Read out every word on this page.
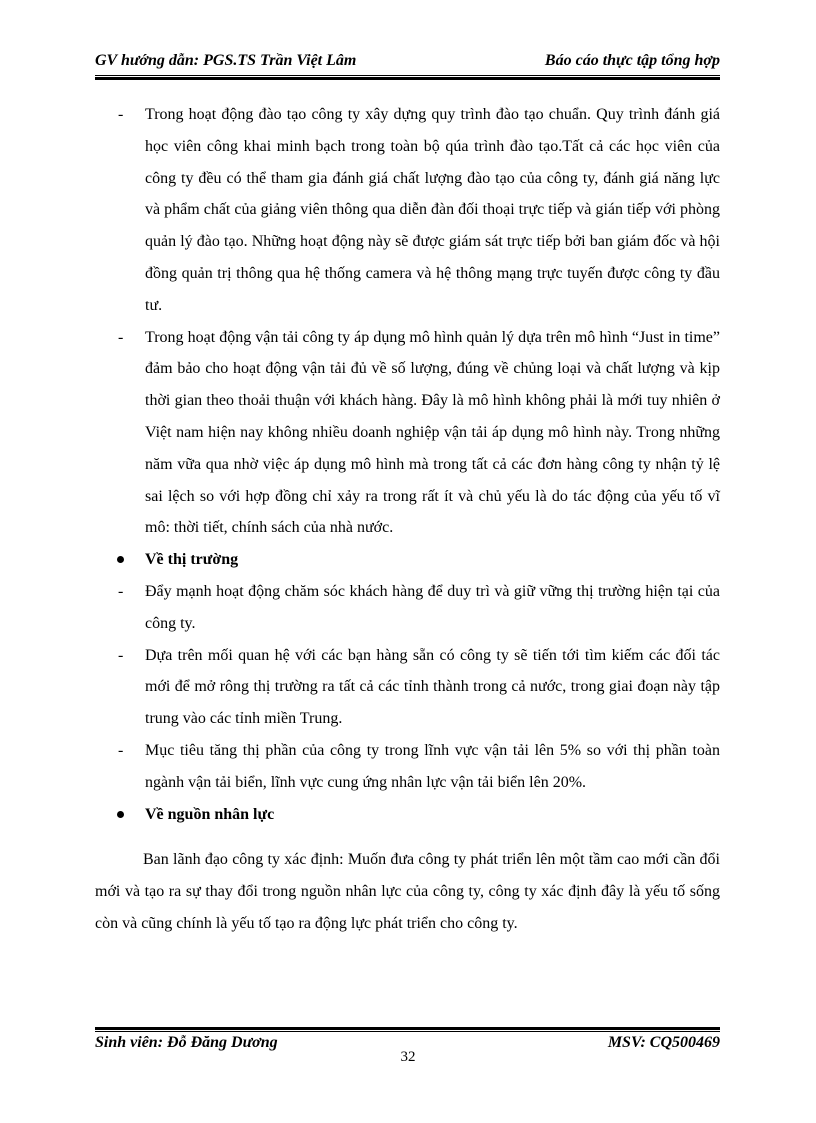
GV hướng dẫn: PGS.TS Trần Việt Lâm	Báo cáo thực tập tổng hợp
- Trong hoạt động đào tạo công ty xây dựng quy trình đào tạo chuẩn. Quy trình đánh giá học viên công khai minh bạch trong toàn bộ qúa trình đào tạo.Tất cả các học viên của công ty đều có thể tham gia đánh giá chất lượng đào tạo của công ty, đánh giá năng lực và phẩm chất của giảng viên thông qua diễn đàn đối thoại trực tiếp và gián tiếp với phòng quản lý đào tạo. Những hoạt động này sẽ được giám sát trực tiếp bởi ban giám đốc và hội đồng quản trị thông qua hệ thống camera và hệ thông mạng trực tuyến được công ty đầu tư.
- Trong hoạt động vận tải công ty áp dụng mô hình quản lý dựa trên mô hình “Just in time” đảm bảo cho hoạt động vận tải đủ về số lượng, đúng về chủng loại và chất lượng và kịp thời gian theo thoải thuận với khách hàng. Đây là mô hình không phải là mới tuy nhiên ở Việt nam hiện nay không nhiều doanh nghiệp vận tải áp dụng mô hình này. Trong những năm vữa qua nhờ việc áp dụng mô hình mà trong tất cả các đơn hàng công ty nhận tỷ lệ sai lệch so với hợp đồng chỉ xảy ra trong rất ít và chủ yếu là do tác động của yếu tố vĩ mô: thời tiết, chính sách của nhà nước.
Về thị trường
- Đẩy mạnh hoạt động chăm sóc khách hàng để duy trì và giữ vững thị trường hiện tại của công ty.
- Dựa trên mối quan hệ với các bạn hàng sẵn có công ty sẽ tiến tới tìm kiếm các đối tác mới để mở rông thị trường ra tất cả các tỉnh thành trong cả nước, trong giai đoạn này tập trung vào các tỉnh miền Trung.
- Mục tiêu tăng thị phần của công ty trong lĩnh vực vận tải lên 5% so với thị phần toàn ngành vận tải biển, lĩnh vực cung ứng nhân lực vận tải biển lên 20%.
Về nguồn nhân lực
Ban lãnh đạo công ty xác định: Muốn đưa công ty phát triển lên một tầm cao mới cần đổi mới và tạo ra sự thay đổi trong nguồn nhân lực của công ty, công ty xác định đây là yếu tố sống còn và cũng chính là yếu tố tạo ra động lực phát triển cho công ty.
Sinh viên: Đỗ Đăng Dương	MSV: CQ500469
32
